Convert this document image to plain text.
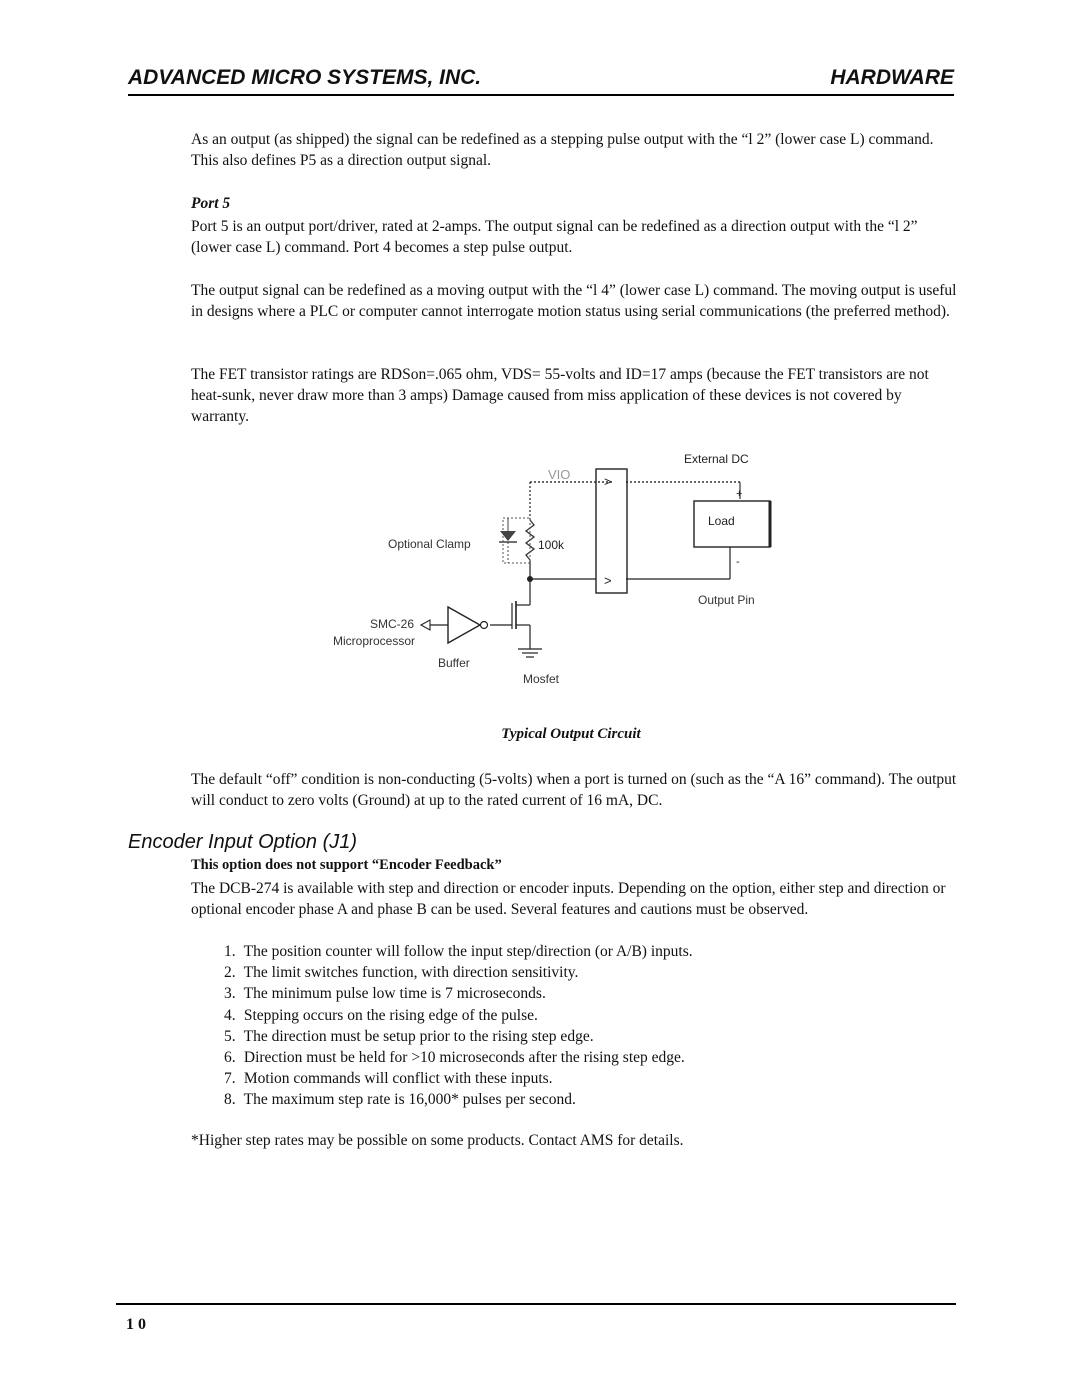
ADVANCED MICRO SYSTEMS, INC.	HARDWARE

As an output (as shipped) the signal can be redefined as a stepping pulse output with the “l 2” (lower case L) command. This also defines P5 as a direction output signal.

Port 5

Port 5 is an output port/driver, rated at 2-amps. The output signal can be redefined as a direction output with the “l 2” (lower case L) command. Port 4 becomes a step pulse output.

The output signal can be redefined as a moving output with the “l 4” (lower case L) command. The moving output is useful in designs where a PLC or computer cannot interrogate motion status using serial communications (the preferred method).

The FET transistor ratings are RDSon=.065 ohm, VDS= 55-volts and ID=17 amps (because the FET transistors are not heat-sunk, never draw more than 3 amps) Damage caused from miss application of these devices is not covered by warranty.

VIO
External DC
>
>
+
Load
-
100k
Optional Clamp
SMC-26
Microprocessor
Buffer
Mosfet
Output Pin
Typical Output Circuit

The default “off” condition is non-conducting (5-volts) when a port is turned on (such as the “A 16” command). The output will conduct to zero volts (Ground) at up to the rated current of 16 mA, DC.

Encoder Input Option (J1)
This option does not support “Encoder Feedback”

The DCB-274 is available with step and direction or encoder inputs. Depending on the option, either step and direction or optional encoder phase A and phase B can be used. Several features and cautions must be observed.

1. The position counter will follow the input step/direction (or A/B) inputs.
2. The limit switches function, with direction sensitivity.
3. The minimum pulse low time is 7 microseconds.
4. Stepping occurs on the rising edge of the pulse.
5. The direction must be setup prior to the rising step edge.
6. Direction must be held for >10 microseconds after the rising step edge.
7. Motion commands will conflict with these inputs.
8. The maximum step rate is 16,000* pulses per second.

*Higher step rates may be possible on some products. Contact AMS for details.

10
